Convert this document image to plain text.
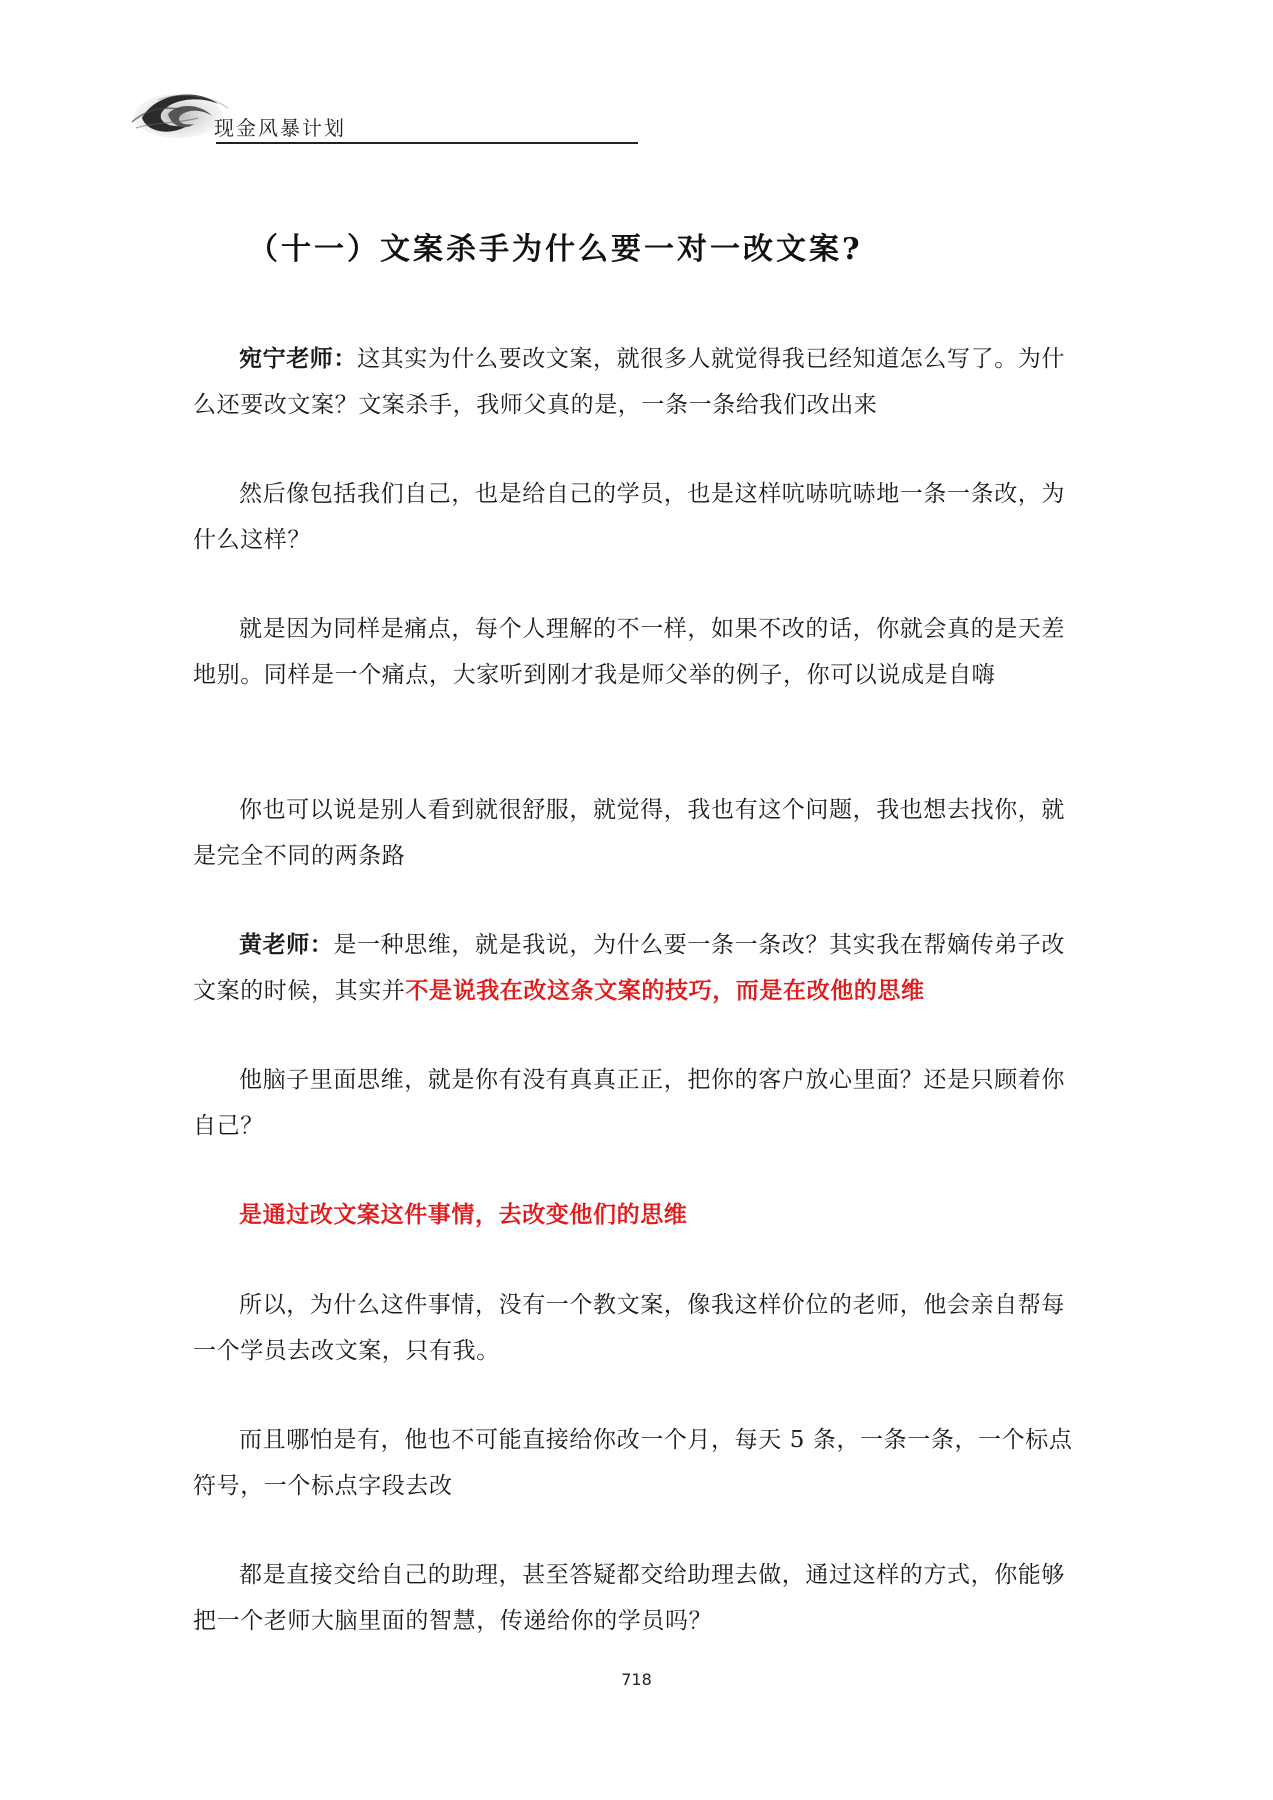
现金风暴计划
（十一）文案杀手为什么要一对一改文案?

宛宁老师：这其实为什么要改文案，就很多人就觉得我已经知道怎么写了。为什么还要改文案？文案杀手，我师父真的是，一条一条给我们改出来

然后像包括我们自己，也是给自己的学员，也是这样吭哧吭哧地一条一条改，为什么这样？

就是因为同样是痛点，每个人理解的不一样，如果不改的话，你就会真的是天差地别。同样是一个痛点，大家听到刚才我是师父举的例子，你可以说成是自嗨

你也可以说是别人看到就很舒服，就觉得，我也有这个问题，我也想去找你，就是完全不同的两条路

黄老师：是一种思维，就是我说，为什么要一条一条改？其实我在帮嫡传弟子改文案的时候，其实并不是说我在改这条文案的技巧，而是在改他的思维

他脑子里面思维，就是你有没有真真正正，把你的客户放心里面？还是只顾着你自己？

是通过改文案这件事情，去改变他们的思维

所以，为什么这件事情，没有一个教文案，像我这样价位的老师，他会亲自帮每一个学员去改文案，只有我。

而且哪怕是有，他也不可能直接给你改一个月，每天 5 条，一条一条，一个标点符号，一个标点字段去改

都是直接交给自己的助理，甚至答疑都交给助理去做，通过这样的方式，你能够把一个老师大脑里面的智慧，传递给你的学员吗？

718
